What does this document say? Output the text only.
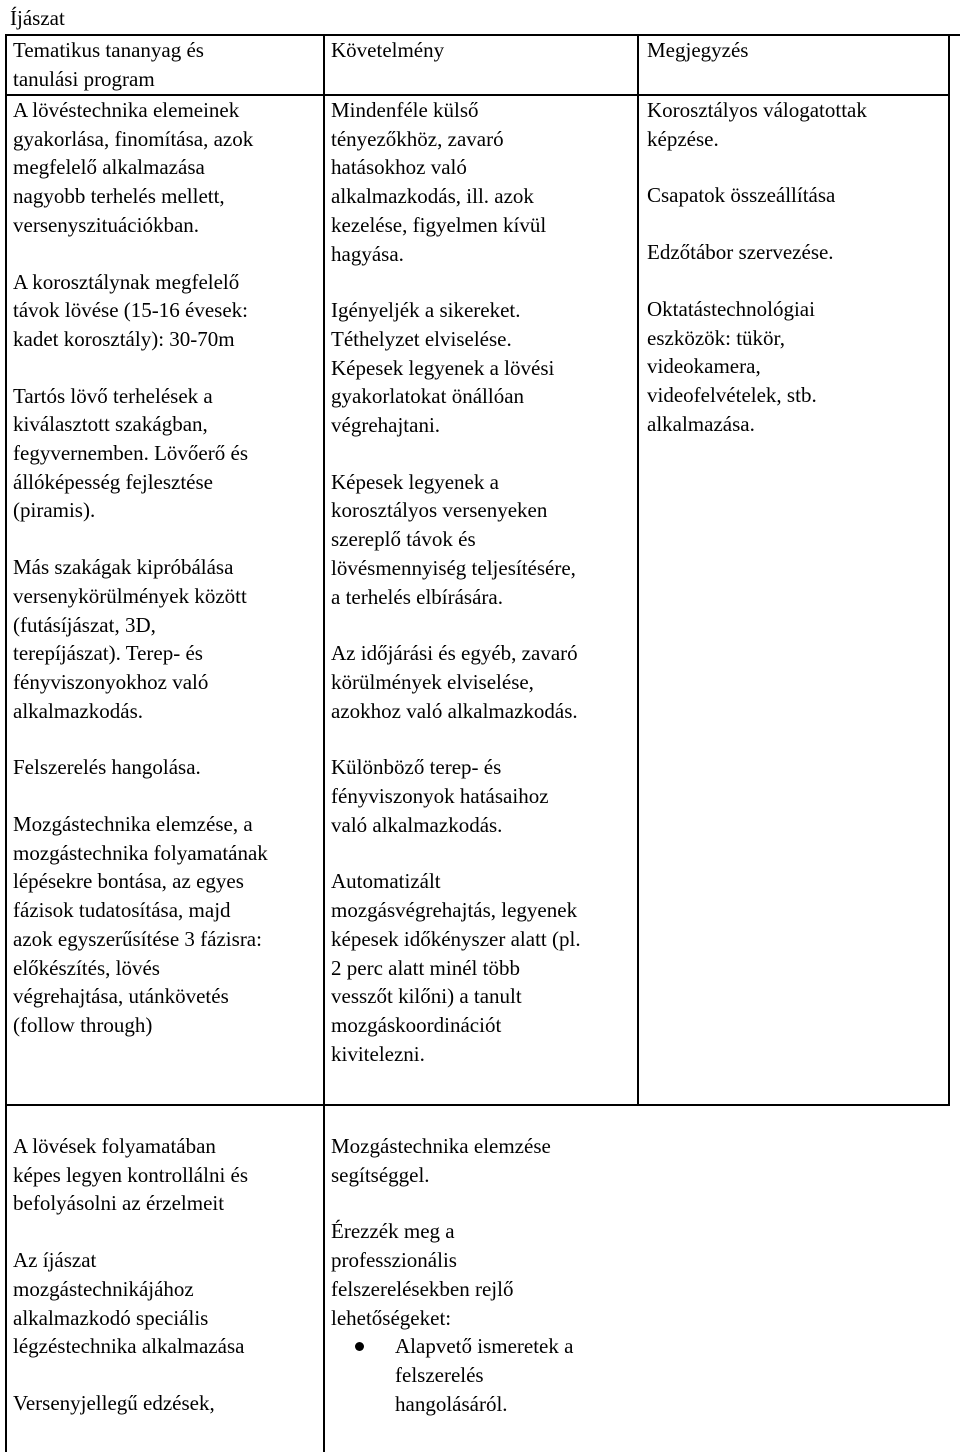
Íjászat

Tematikus tananyag és
tanulási program

Követelmény	Megjegyzés

A lövéstechnika elemeinek
gyakorlása, finomítása, azok
megfelelő alkalmazása
nagyobb terhelés mellett,
versenyszituációkban.

A korosztálynak megfelelő
távok lövése (15-16 évesek:
kadet korosztály): 30-70m

Tartós lövő terhelések a
kiválasztott szakágban,
fegyvernemben. Lövőerő és
állóképesség fejlesztése
(piramis).

Más szakágak kipróbálása
versenykörülmények között
(futásíjászat, 3D,
terepíjászat). Terep- és
fényviszonyokhoz való
alkalmazkodás.

Felszerelés hangolása.

Mozgástechnika elemzése, a
mozgástechnika folyamatának
lépésekre bontása, az egyes
fázisok tudatosítása, majd
azok egyszerűsítése 3 fázisra:
előkészítés, lövés
végrehajtása, utánkövetés
(follow through)

Mindenféle külső
tényezőkhöz, zavaró
hatásokhoz való
alkalmazkodás, ill. azok
kezelése, figyelmen kívül
hagyása.

Igényeljék a sikereket.
Téthelyzet elviselése.
Képesek legyenek a lövési
gyakorlatokat önállóan
végrehajtani.

Képesek legyenek a
korosztályos versenyeken
szereplő távok és
lövésmennyiség teljesítésére,
a terhelés elbírására.

Az időjárási és egyéb, zavaró
körülmények elviselése,
azokhoz való alkalmazkodás.

Különböző terep- és
fényviszonyok hatásaihoz
való alkalmazkodás.

Automatizált
mozgásvégrehajtás, legyenek
képesek időkényszer alatt (pl.
2 perc alatt minél több
vesszőt kilőni) a tanult
mozgáskoordinációt
kivitelezni.

Korosztályos válogatottak
képzése.

Csapatok összeállítása

Edzőtábor szervezése.

Oktatástechnológiai
eszközök: tükör,
videokamera,
videofelvételek, stb.
alkalmazása.

A lövések folyamatában
képes legyen kontrollálni és
befolyásolni az érzelmeit

Az íjászat
mozgástechnikájához
alkalmazkodó speciális
légzéstechnika alkalmazása

Versenyjellegű edzések,

Mozgástechnika elemzése
segítséggel.

Érezzék meg a
professzionális
felszerelésekben rejlő
lehetőségeket:

Alapvető ismeretek a
felszerelés
hangolásáról.
